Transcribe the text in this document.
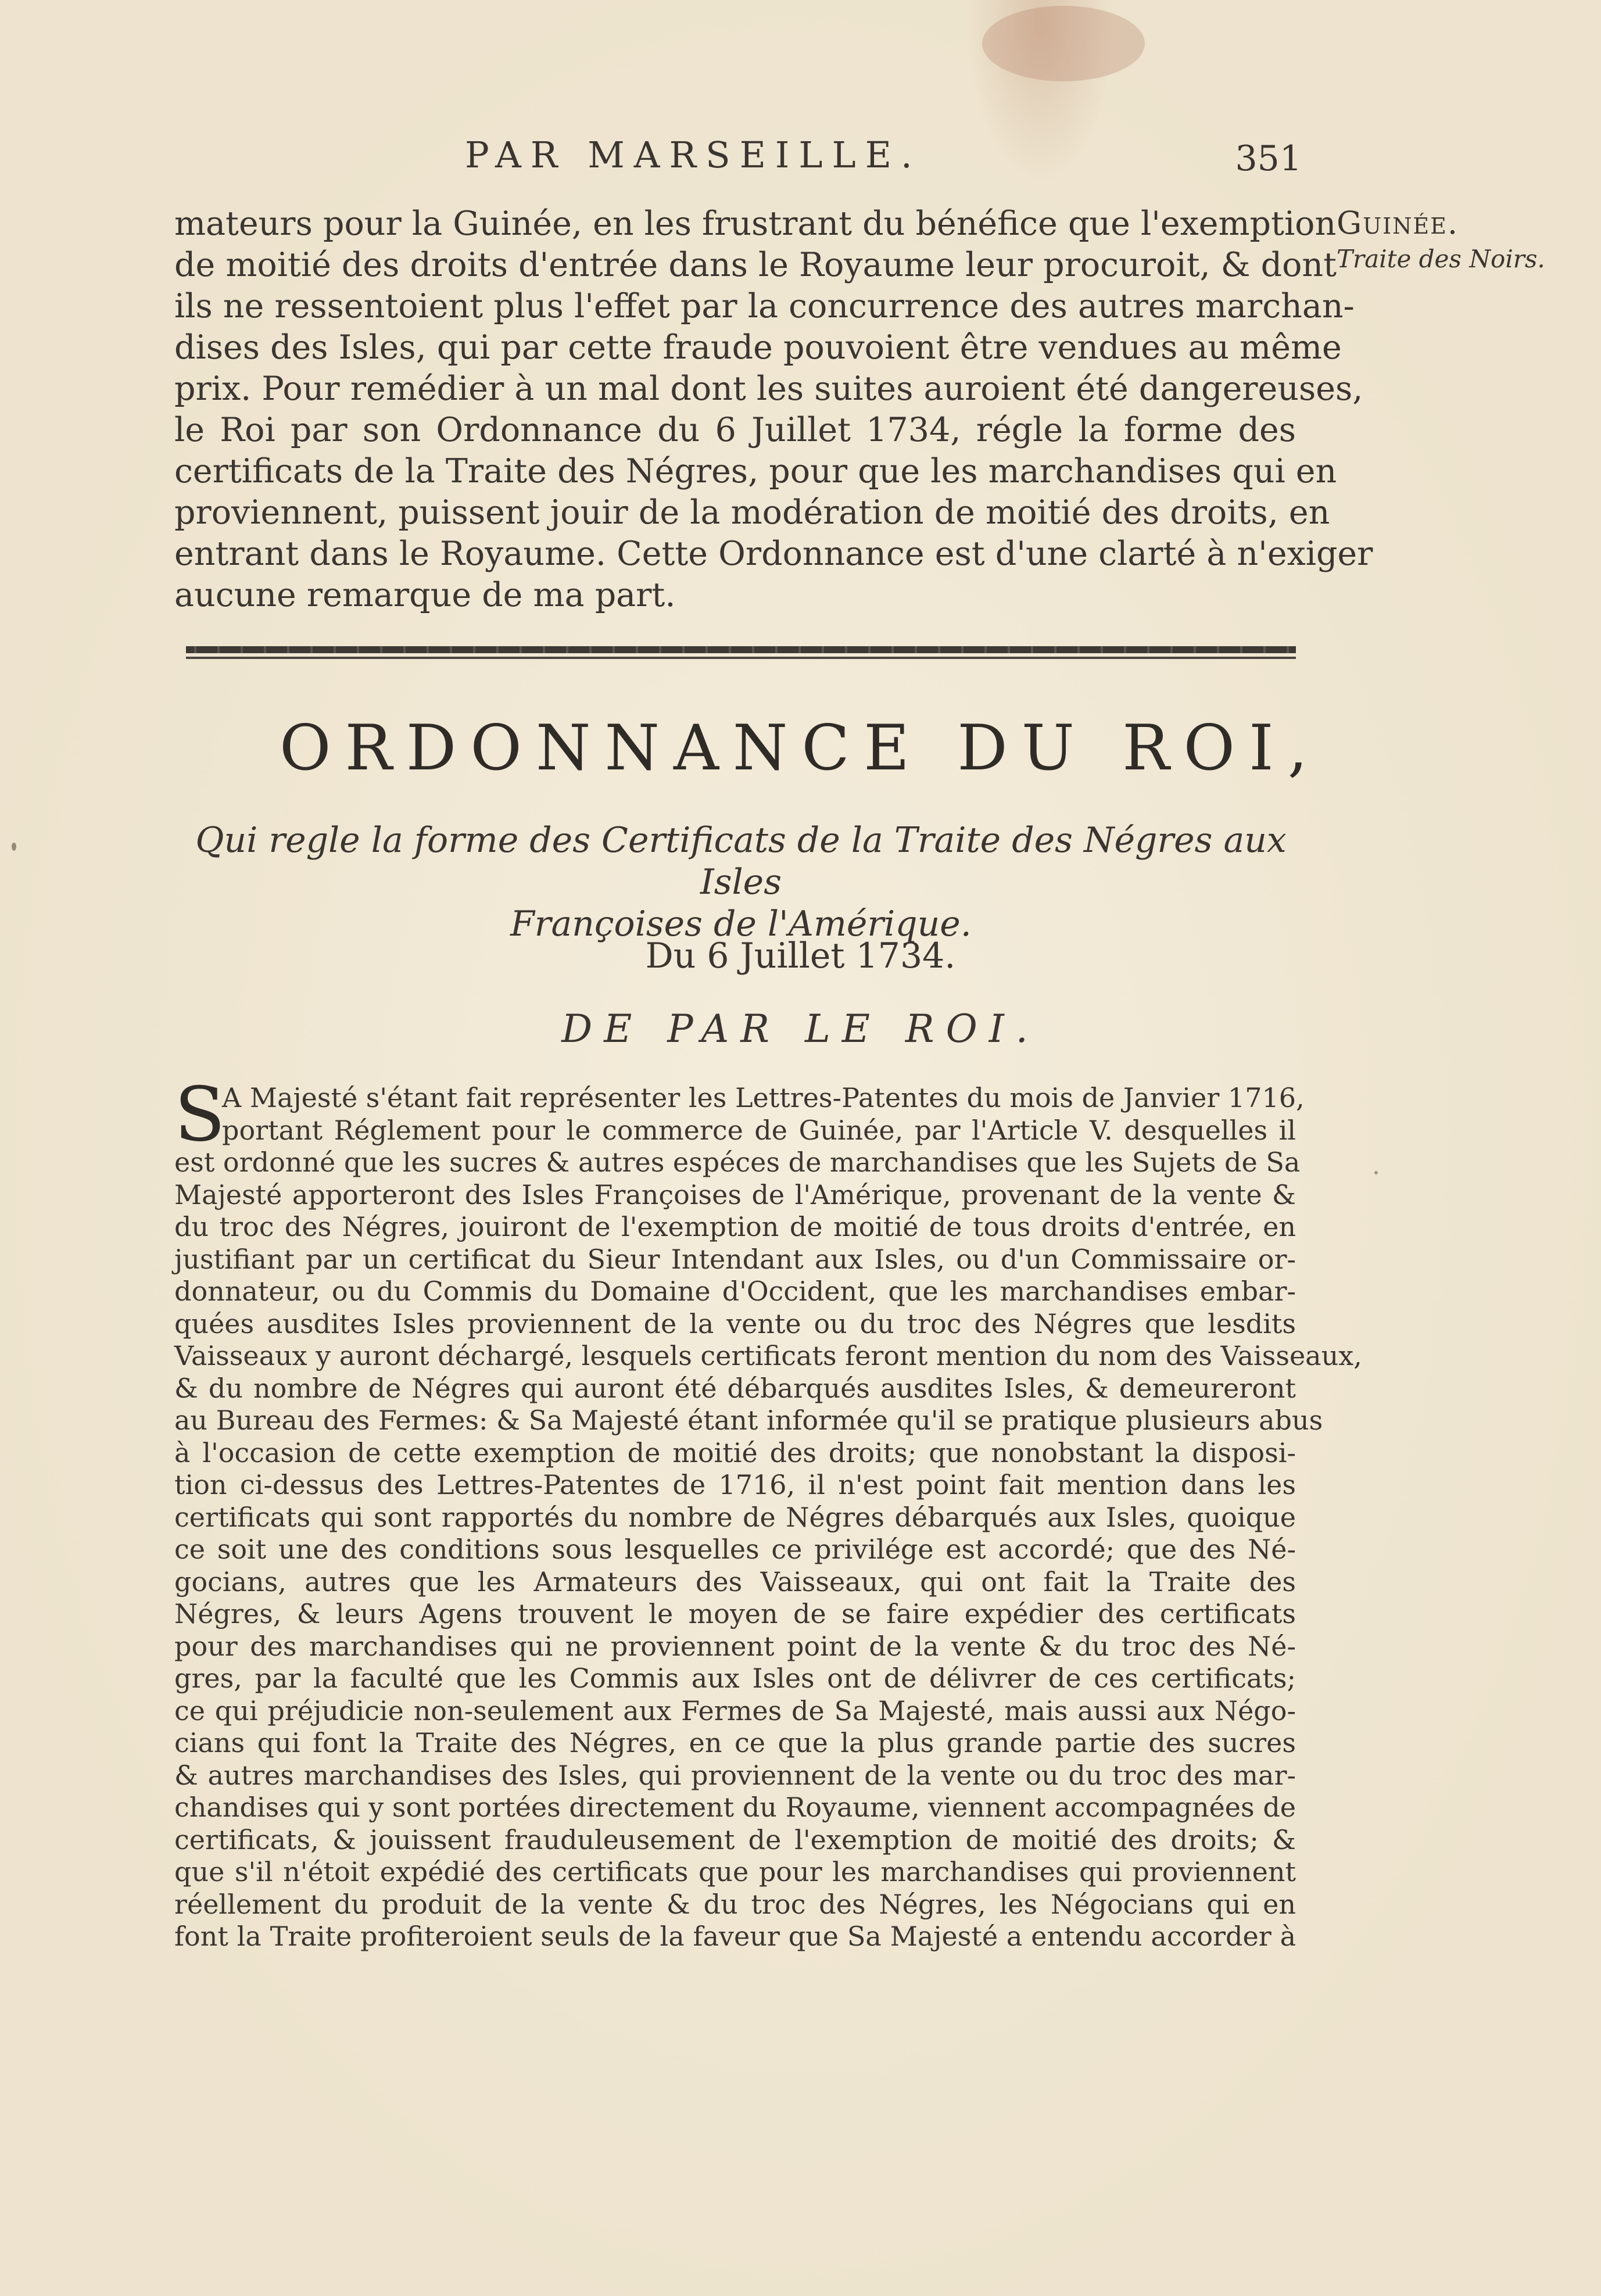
PAR MARSEILLE.	351
Guinée.
Traite des Noirs.
mateurs pour la Guinée, en les frustrant du bénéfice que l'exemption
de moitié des droits d'entrée dans le Royaume leur procuroit, & dont
ils ne ressentoient plus l'effet par la concurrence des autres marchan-
dises des Isles, qui par cette fraude pouvoient être vendues au même
prix. Pour remédier à un mal dont les suites auroient été dangereuses,
le Roi par son Ordonnance du 6 Juillet 1734, régle la forme des
certificats de la Traite des Négres, pour que les marchandises qui en
proviennent, puissent jouir de la modération de moitié des droits, en
entrant dans le Royaume. Cette Ordonnance est d'une clarté à n'exiger
aucune remarque de ma part.
ORDONNANCE DU ROI,
Qui regle la forme des Certificats de la Traite des Négres aux Isles
Françoises de l'Amérique.
Du 6 Juillet 1734.
DE PAR LE ROI.
S
A Majesté s'étant fait représenter les Lettres-Patentes du mois de Janvier 1716,
portant Réglement pour le commerce de Guinée, par l'Article V. desquelles il
est ordonné que les sucres & autres espéces de marchandises que les Sujets de Sa
Majesté apporteront des Isles Françoises de l'Amérique, provenant de la vente &
du troc des Négres, jouiront de l'exemption de moitié de tous droits d'entrée, en
justifiant par un certificat du Sieur Intendant aux Isles, ou d'un Commissaire or-
donnateur, ou du Commis du Domaine d'Occident, que les marchandises embar-
quées ausdites Isles proviennent de la vente ou du troc des Négres que lesdits
Vaisseaux y auront déchargé, lesquels certificats feront mention du nom des Vaisseaux,
& du nombre de Négres qui auront été débarqués ausdites Isles, & demeureront
au Bureau des Fermes: & Sa Majesté étant informée qu'il se pratique plusieurs abus
à l'occasion de cette exemption de moitié des droits; que nonobstant la disposi-
tion ci-dessus des Lettres-Patentes de 1716, il n'est point fait mention dans les
certificats qui sont rapportés du nombre de Négres débarqués aux Isles, quoique
ce soit une des conditions sous lesquelles ce privilége est accordé; que des Né-
gocians, autres que les Armateurs des Vaisseaux, qui ont fait la Traite des
Négres, & leurs Agens trouvent le moyen de se faire expédier des certificats
pour des marchandises qui ne proviennent point de la vente & du troc des Né-
gres, par la faculté que les Commis aux Isles ont de délivrer de ces certificats;
ce qui préjudicie non-seulement aux Fermes de Sa Majesté, mais aussi aux Négo-
cians qui font la Traite des Négres, en ce que la plus grande partie des sucres
& autres marchandises des Isles, qui proviennent de la vente ou du troc des mar-
chandises qui y sont portées directement du Royaume, viennent accompagnées de
certificats, & jouissent frauduleusement de l'exemption de moitié des droits; &
que s'il n'étoit expédié des certificats que pour les marchandises qui proviennent
réellement du produit de la vente & du troc des Négres, les Négocians qui en
font la Traite profiteroient seuls de la faveur que Sa Majesté a entendu accorder à
